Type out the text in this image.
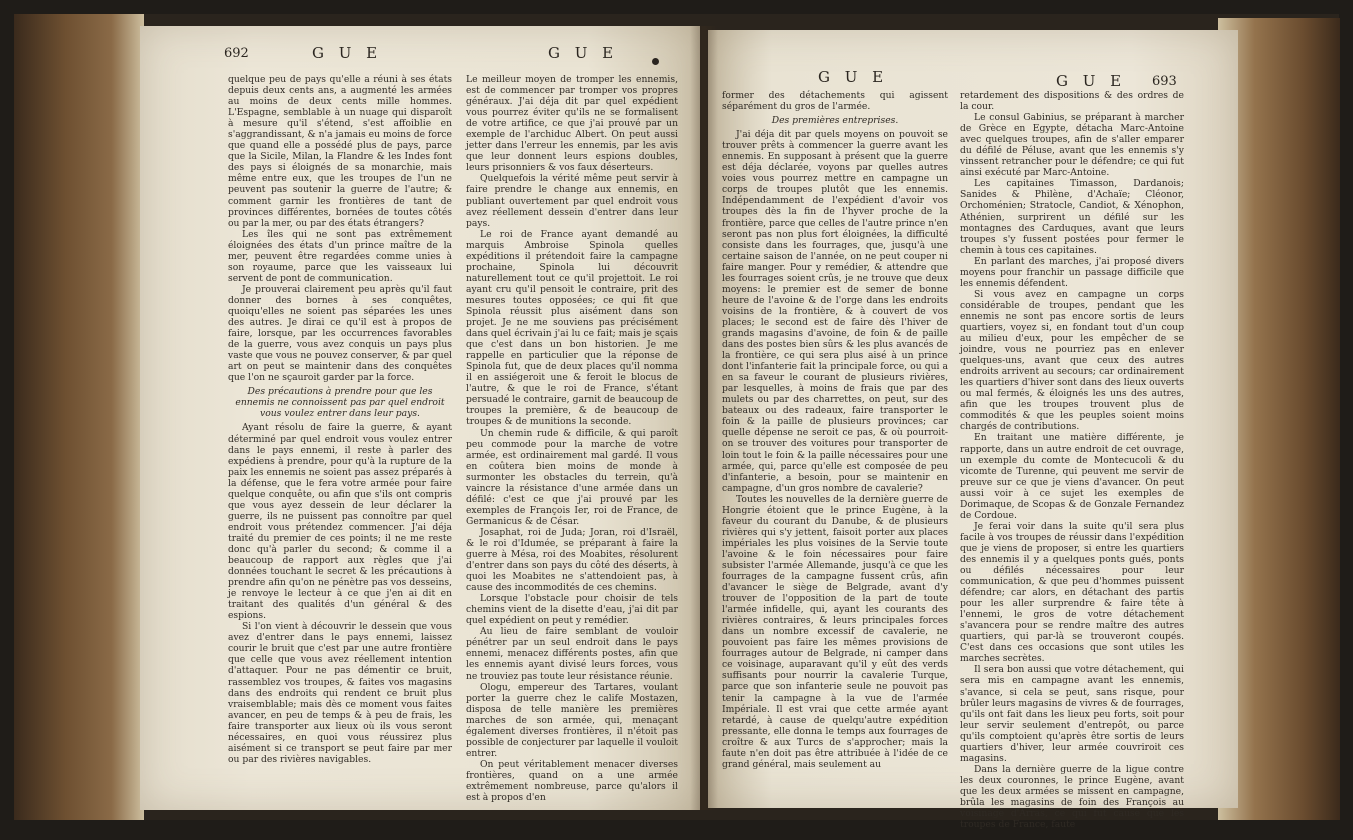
692	G U E	G U E
G U E	G U E 693

quelque peu de pays qu'elle a réuni à ses états depuis deux cents ans, a augmenté les armées au moins de deux cents mille hommes. L'Espagne, semblable à un nuage qui disparoît à mesure qu'il s'étend, s'est affoiblie en s'aggrandissant, & n'a jamais eu moins de force que quand elle a possédé plus de pays, parce que la Sicile, Milan, la Flandre & les Indes font des pays si éloignés de sa monarchie, mais même entre eux, que les troupes de l'un ne peuvent pas soutenir la guerre de l'autre; & comment garnir les frontières de tant de provinces différentes, bornées de toutes côtés ou par la mer, ou par des états étrangers?

Les îles qui ne sont pas extrêmement éloignées des états d'un prince maître de la mer, peuvent être regardées comme unies à son royaume, parce que les vaisseaux lui servent de pont de communication.

Je prouverai clairement peu après qu'il faut donner des bornes à ses conquêtes, quoiqu'elles ne soient pas séparées les unes des autres. Je dirai ce qu'il est à propos de faire, lorsque, par les occurrences favorables de la guerre, vous avez conquis un pays plus vaste que vous ne pouvez conserver, & par quel art on peut se maintenir dans des conquêtes que l'on ne sçauroit garder par la force.

Des précautions à prendre pour que les ennemis ne connoissent pas par quel endroit vous voulez entrer dans leur pays.

Ayant résolu de faire la guerre, & ayant déterminé par quel endroit vous voulez entrer dans le pays ennemi, il reste à parler des expédiens à prendre, pour qu'à la rupture de la paix les ennemis ne soient pas assez préparés à la défense, que le fera votre armée pour faire quelque conquête, ou afin que s'ils ont compris que vous ayez dessein de leur déclarer la guerre, ils ne puissent pas connoître par quel endroit vous prétendez commencer. J'ai déja traité du premier de ces points; il ne me reste donc qu'à parler du second; & comme il a beaucoup de rapport aux règles que j'ai données touchant le secret & les précautions à prendre afin qu'on ne pénètre pas vos desseins, je renvoye le lecteur à ce que j'en ai dit en traitant des qualités d'un général & des espions.

Si l'on vient à découvrir le dessein que vous avez d'entrer dans le pays ennemi, laissez courir le bruit que c'est par une autre frontière que celle que vous avez réellement intention d'attaquer. Pour ne pas démentir ce bruit, rassemblez vos troupes, & faites vos magasins dans des endroits qui rendent ce bruit plus vraisemblable; mais dès ce moment vous faites avancer, en peu de temps & à peu de frais, les faire transporter aux lieux où ils vous seront nécessaires, en quoi vous réussirez plus aisément si ce transport se peut faire par mer ou par des rivières navigables.

Le meilleur moyen de tromper les ennemis, est de commencer par tromper vos propres généraux. J'ai déja dit par quel expédient vous pourrez éviter qu'ils ne se formalisent de votre artifice, ce que j'ai prouvé par un exemple de l'archiduc Albert. On peut aussi jetter dans l'erreur les ennemis, par les avis que leur donnent leurs espions doubles, leurs prisonniers & vos faux déserteurs.

Quelquefois la vérité même peut servir à faire prendre le change aux ennemis, en publiant ouvertement par quel endroit vous avez réellement dessein d'entrer dans leur pays.

Le roi de France ayant demandé au marquis Ambroise Spinola quelles expéditions il prétendoit faire la campagne prochaine, Spinola lui découvrit naturellement tout ce qu'il projettoit. Le roi ayant cru qu'il pensoit le contraire, prit des mesures toutes opposées; ce qui fit que Spinola réussit plus aisément dans son projet. Je ne me souviens pas précisément dans quel écrivain j'ai lu ce fait; mais je sçais que c'est dans un bon historien. Je me rappelle en particulier que la réponse de Spinola fut, que de deux places qu'il nomma il en assiégeroit une & feroit le blocus de l'autre, & que le roi de France, s'étant persuadé le contraire, garnit de beaucoup de troupes la première, & de beaucoup de troupes & de munitions la seconde.

Un chemin rude & difficile, & qui paroît peu commode pour la marche de votre armée, est ordinairement mal gardé. Il vous en coûtera bien moins de monde à surmonter les obstacles du terrein, qu'à vaincre la résistance d'une armée dans un défilé: c'est ce que j'ai prouvé par les exemples de François Ier, roi de France, de Germanicus & de César.

Josaphat, roi de Juda; Joran, roi d'Israël, & le roi d'Idumée, se préparant à faire la guerre à Mésa, roi des Moabites, résolurent d'entrer dans son pays du côté des déserts, à quoi les Moabites ne s'attendoient pas, à cause des incommodités de ces chemins.

Lorsque l'obstacle pour choisir de tels chemins vient de la disette d'eau, j'ai dit par quel expédient on peut y remédier.

Au lieu de faire semblant de vouloir pénétrer par un seul endroit dans le pays ennemi, menacez différents postes, afin que les ennemis ayant divisé leurs forces, vous ne trouviez pas toute leur résistance réunie.

Ologu, empereur des Tartares, voulant porter la guerre chez le calife Mostazen, disposa de telle manière les premières marches de son armée, qui, menaçant également diverses frontières, il n'étoit pas possible de conjecturer par laquelle il vouloit entrer.

On peut véritablement menacer diverses frontières, quand on a une armée extrêmement nombreuse, parce qu'alors il est à propos d'en

former des détachements qui agissent séparément du gros de l'armée.

Des premières entreprises.

J'ai déja dit par quels moyens on pouvoit se trouver prêts à commencer la guerre avant les ennemis. En supposant à présent que la guerre est déja déclarée, voyons par quelles autres voies vous pourrez mettre en campagne un corps de troupes plutôt que les ennemis. Indépendamment de l'expédient d'avoir vos troupes dès la fin de l'hyver proche de la frontière, parce que celles de l'autre prince n'en seront pas non plus fort éloignées, la difficulté consiste dans les fourrages, que, jusqu'à une certaine saison de l'année, on ne peut couper ni faire manger. Pour y remédier, & attendre que les fourrages soient crûs, je ne trouve que deux moyens: le premier est de semer de bonne heure de l'avoine & de l'orge dans les endroits voisins de la frontière, & à couvert de vos places; le second est de faire dès l'hiver de grands magasins d'avoine, de foin & de paille dans des postes bien sûrs & les plus avancés de la frontière, ce qui sera plus aisé à un prince dont l'infanterie fait la principale force, ou qui a en sa faveur le courant de plusieurs rivières, par lesquelles, à moins de frais que par des mulets ou par des charrettes, on peut, sur des bateaux ou des radeaux, faire transporter le foin & la paille de plusieurs provinces; car quelle dépense ne seroit ce pas, & où pourroit-on se trouver des voitures pour transporter de loin tout le foin & la paille nécessaires pour une armée, qui, parce qu'elle est composée de peu d'infanterie, a besoin, pour se maintenir en campagne, d'un gros nombre de cavalerie?

Toutes les nouvelles de la dernière guerre de Hongrie étoient que le prince Eugène, à la faveur du courant du Danube, & de plusieurs rivières qui s'y jettent, faisoit porter aux places impériales les plus voisines de la Servie toute l'avoine & le foin nécessaires pour faire subsister l'armée Allemande, jusqu'à ce que les fourrages de la campagne fussent crûs, afin d'avancer le siège de Belgrade, avant d'y trouver de l'opposition de la part de toute l'armée infidelle, qui, ayant les courants des rivières contraires, & leurs principales forces dans un nombre excessif de cavalerie, ne pouvoient pas faire les mêmes provisions de fourrages autour de Belgrade, ni camper dans ce voisinage, auparavant qu'il y eût des verds suffisants pour nourrir la cavalerie Turque, parce que son infanterie seule ne pouvoit pas tenir la campagne à la vue de l'armée Impériale. Il est vrai que cette armée ayant retardé, à cause de quelqu'autre expédition pressante, elle donna le temps aux fourrages de croître & aux Turcs de s'approcher; mais la faute n'en doit pas être attribuée à l'idée de ce grand général, mais seulement au

retardement des dispositions & des ordres de la cour.

Le consul Gabinius, se préparant à marcher de Grèce en Egypte, détacha Marc-Antoine avec quelques troupes, afin de s'aller emparer du défilé de Péluse, avant que les ennemis s'y vinssent retrancher pour le défendre; ce qui fut ainsi exécuté par Marc-Antoine.

Les capitaines Timasson, Dardanois; Sanides & Philène, d'Achaïe; Cléonor, Orchoménien; Stratocle, Candiot, & Xénophon, Athénien, surprirent un défilé sur les montagnes des Carduques, avant que leurs troupes s'y fussent postées pour fermer le chemin à tous ces capitaines.

En parlant des marches, j'ai proposé divers moyens pour franchir un passage difficile que les ennemis défendent.

Si vous avez en campagne un corps considérable de troupes, pendant que les ennemis ne sont pas encore sortis de leurs quartiers, voyez si, en fondant tout d'un coup au milieu d'eux, pour les empêcher de se joindre, vous ne pourriez pas en enlever quelques-uns, avant que ceux des autres endroits arrivent au secours; car ordinairement les quartiers d'hiver sont dans des lieux ouverts ou mal fermés, & éloignés les uns des autres, afin que les troupes trouvent plus de commodités & que les peuples soient moins chargés de contributions.

En traitant une matière différente, je rapporte, dans un autre endroit de cet ouvrage, un exemple du comte de Montecucoli & du vicomte de Turenne, qui peuvent me servir de preuve sur ce que je viens d'avancer. On peut aussi voir à ce sujet les exemples de Dorimaque, de Scopas & de Gonzale Fernandez de Cordoue.

Je ferai voir dans la suite qu'il sera plus facile à vos troupes de réussir dans l'expédition que je viens de proposer, si entre les quartiers des ennemis il y a quelques ponts gués, ponts ou défilés nécessaires pour leur communication, & que peu d'hommes puissent défendre; car alors, en détachant des partis pour les aller surprendre & faire tête à l'ennemi, le gros de votre détachement s'avancera pour se rendre maître des autres quartiers, qui par-là se trouveront coupés. C'est dans ces occasions que sont utiles les marches secrètes.

Il sera bon aussi que votre détachement, qui sera mis en campagne avant les ennemis, s'avance, si cela se peut, sans risque, pour brûler leurs magasins de vivres & de fourrages, qu'ils ont fait dans les lieux peu forts, soit pour leur servir seulement d'entrepôt, ou parce qu'ils comptoient qu'après être sortis de leurs quartiers d'hiver, leur armée couvriroit ces magasins.

Dans la dernière guerre de la ligue contre les deux couronnes, le prince Eugène, avant que les deux armées se missent en campagne, brûla les magasins de foin des François au voisinage d'Arras, ce qui fut cause que les troupes de France, faute
